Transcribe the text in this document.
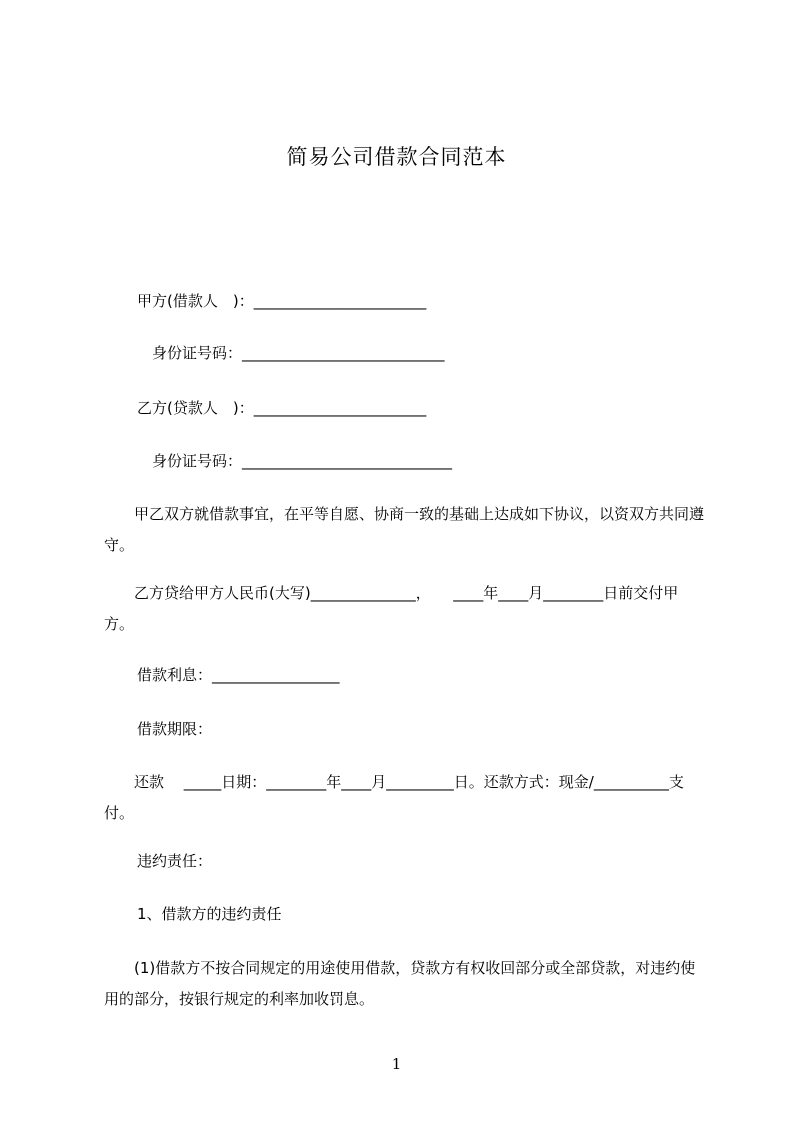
简易公司借款合同范本
甲方(借款人　)：_______________________
身份证号码：___________________________
乙方(贷款人　)：_______________________
身份证号码：____________________________
　　甲乙双方就借款事宜，在平等自愿、协商一致的基础上达成如下协议，以资双方共同遵守。
　　乙方贷给甲方人民币(大写)______________，　　____年____月________日前交付甲方。
借款利息：_________________
借款期限：
　　还款　 _____日期：________年____月_________日。还款方式：现金/__________支付。
违约责任：
1、借款方的违约责任
　　(1)借款方不按合同规定的用途使用借款，贷款方有权收回部分或全部贷款，对违约使用的部分，按银行规定的利率加收罚息。
1
